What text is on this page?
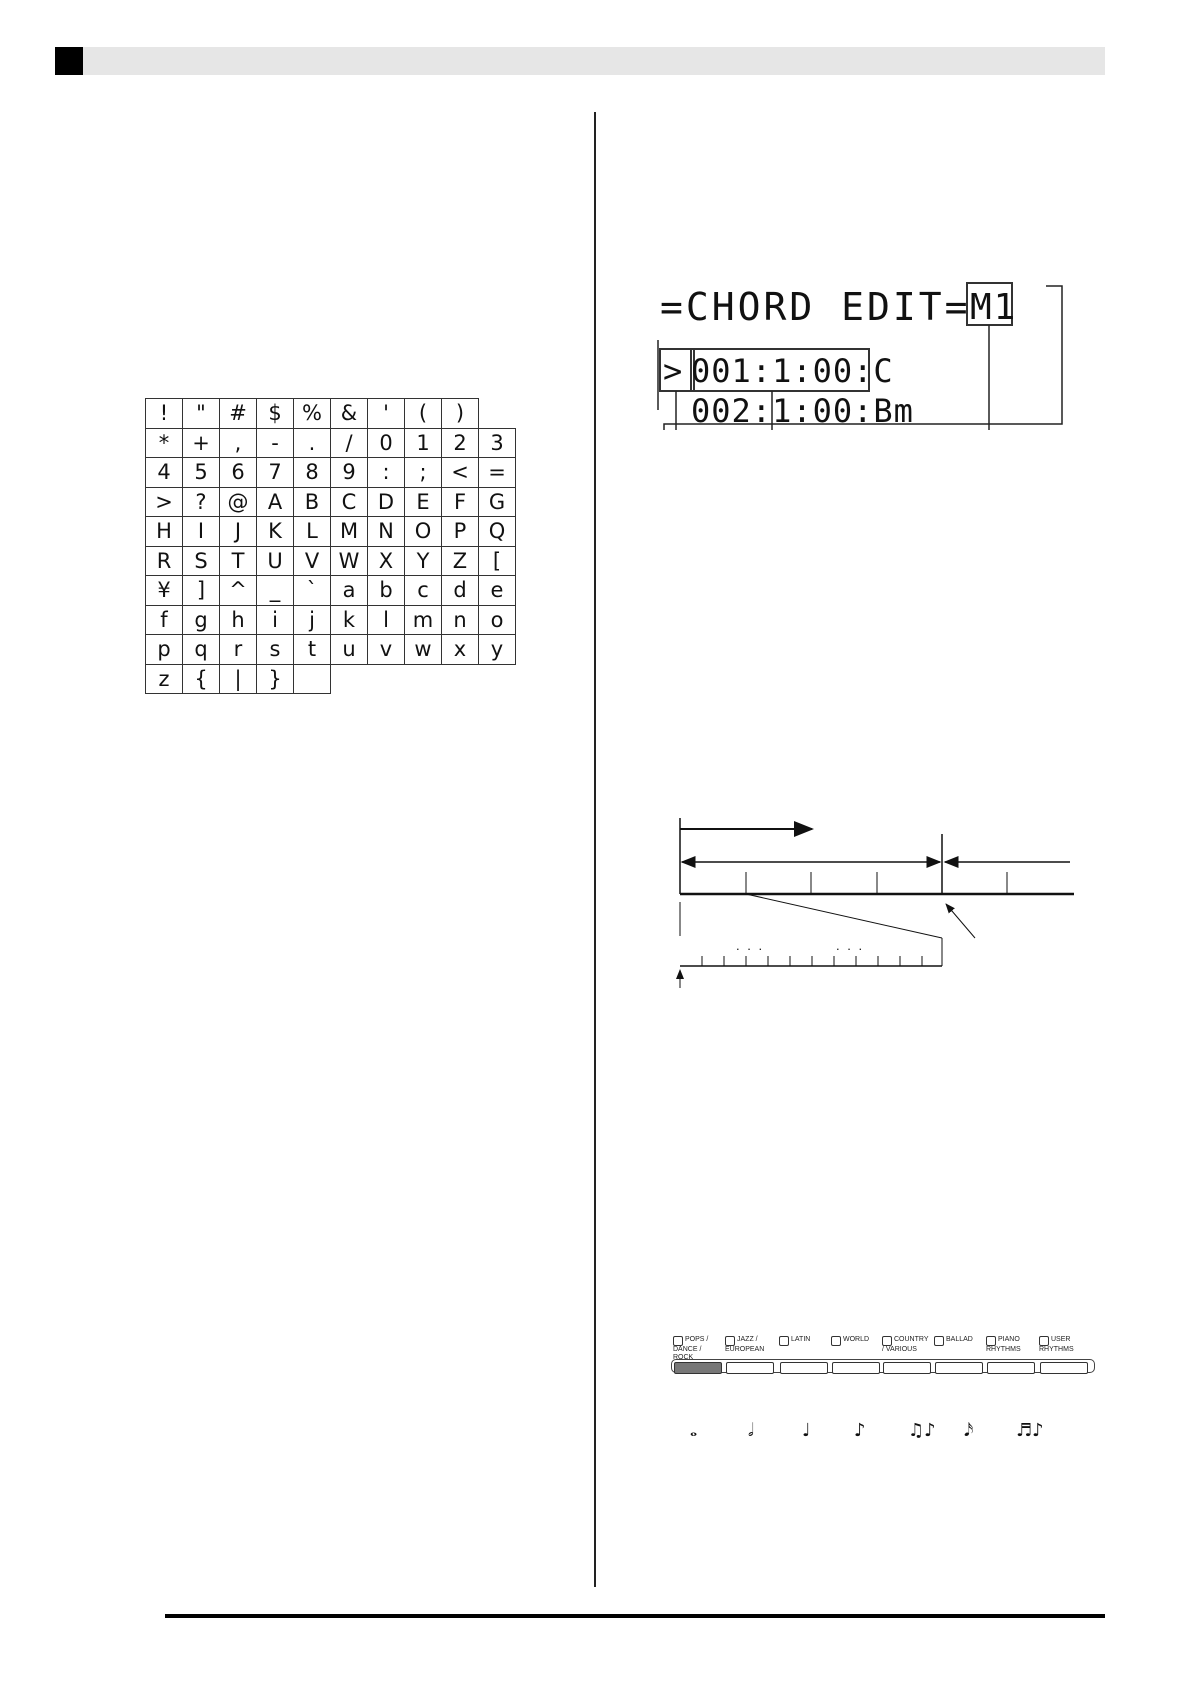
!	"	#	$	%	&	'	(	)	
*	+	,	-	.	/	0	1	2	3
4	5	6	7	8	9	:	;	<	=
>	?	@	A	B	C	D	E	F	G
H	I	J	K	L	M	N	O	P	Q
R	S	T	U	V	W	X	Y	Z	[
¥	]	^	_	`	a	b	c	d	e
f	g	h	i	j	k	l	m	n	o
p	q	r	s	t	u	v	w	x	y
z	{	|	}						
=CHORD EDIT= M1
> 001:1:00:C
002:1:00:Bm
. . .	. . .
POPS / DANCE / ROCK
JAZZ / EUROPEAN
LATIN	WORLD	COUNTRY / VARIOUS
BALLAD	PIANO RHYTHMS
USER RHYTHMS
𝅝	𝅗𝅥	♩ ♪ ♫♪ 𝅘𝅥𝅯 ♬♪
